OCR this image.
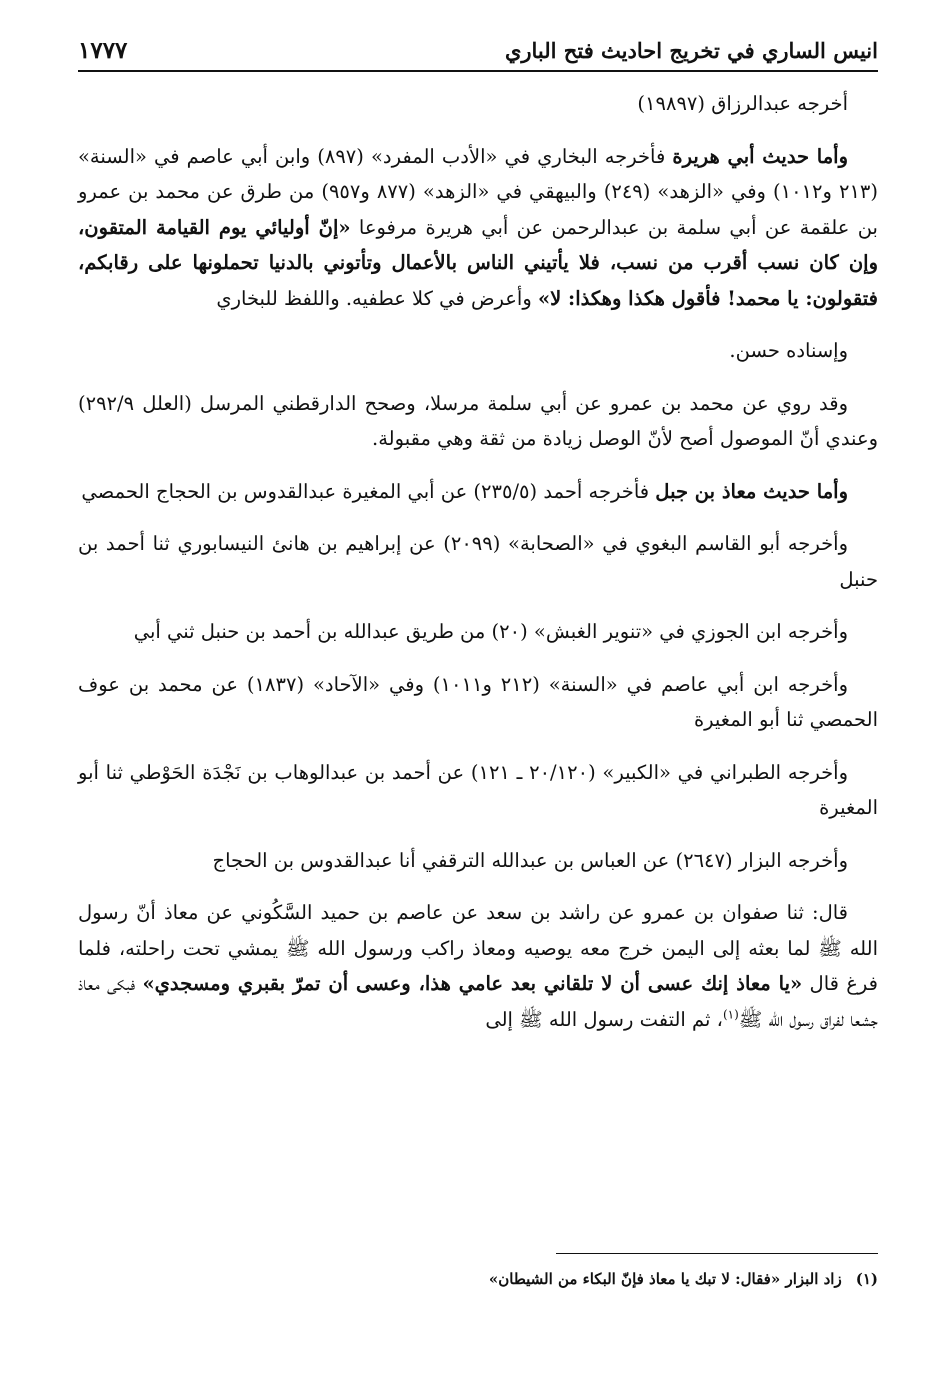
انيس الساري في تخريج احاديث فتح الباري
١٧٧٧

أخرجه عبدالرزاق (١٩٨٩٧)

وأما حديث أبي هريرة فأخرجه البخاري في «الأدب المفرد» (٨٩٧) وابن أبي عاصم في «السنة» (٢١٣ و١٠١٢) وفي «الزهد» (٢٤٩) والبيهقي في «الزهد» (٨٧٧ و٩٥٧) من طرق عن محمد بن عمرو بن علقمة عن أبي سلمة بن عبدالرحمن عن أبي هريرة مرفوعا «إنّ أوليائي يوم القيامة المتقون، وإن كان نسب أقرب من نسب، فلا يأتيني الناس بالأعمال وتأتوني بالدنيا تحملونها على رقابكم، فتقولون: يا محمد! فأقول هكذا وهكذا: لا» وأعرض في كلا عطفيه. واللفظ للبخاري

وإسناده حسن.

وقد روي عن محمد بن عمرو عن أبي سلمة مرسلا، وصحح الدارقطني المرسل (العلل ٢٩٢/٩) وعندي أنّ الموصول أصح لأنّ الوصل زيادة من ثقة وهي مقبولة.

وأما حديث معاذ بن جبل فأخرجه أحمد (٢٣٥/٥) عن أبي المغيرة عبدالقدوس بن الحجاج الحمصي

وأخرجه أبو القاسم البغوي في «الصحابة» (٢٠٩٩) عن إبراهيم بن هانئ النيسابوري ثنا أحمد بن حنبل

وأخرجه ابن الجوزي في «تنوير الغبش» (٢٠) من طريق عبدالله بن أحمد بن حنبل ثني أبي

وأخرجه ابن أبي عاصم في «السنة» (٢١٢ و١٠١١) وفي «الآحاد» (١٨٣٧) عن محمد بن عوف الحمصي ثنا أبو المغيرة

وأخرجه الطبراني في «الكبير» (٢٠/١٢٠ ـ ١٢١) عن أحمد بن عبدالوهاب بن نَجْدَة الحَوْطي ثنا أبو المغيرة

وأخرجه البزار (٢٦٤٧) عن العباس بن عبدالله الترقفي أنا عبدالقدوس بن الحجاج

قال: ثنا صفوان بن عمرو عن راشد بن سعد عن عاصم بن حميد السَّكُوني عن معاذ أنّ رسول الله ﷺ لما بعثه إلى اليمن خرج معه يوصيه ومعاذ راكب ورسول الله ﷺ يمشي تحت راحلته، فلما فرغ قال «يا معاذ إنك عسى أن لا تلقاني بعد عامي هذا، وعسى أن تمرّ بقبري ومسجدي» فبكى معاذ جشعا لفراق رسول الله ﷺ$^{(١)}$، ثم التفت رسول الله ﷺ إلى

(١)زاد البزار «فقال: لا تبك يا معاذ فإنّ البكاء من الشيطان»
